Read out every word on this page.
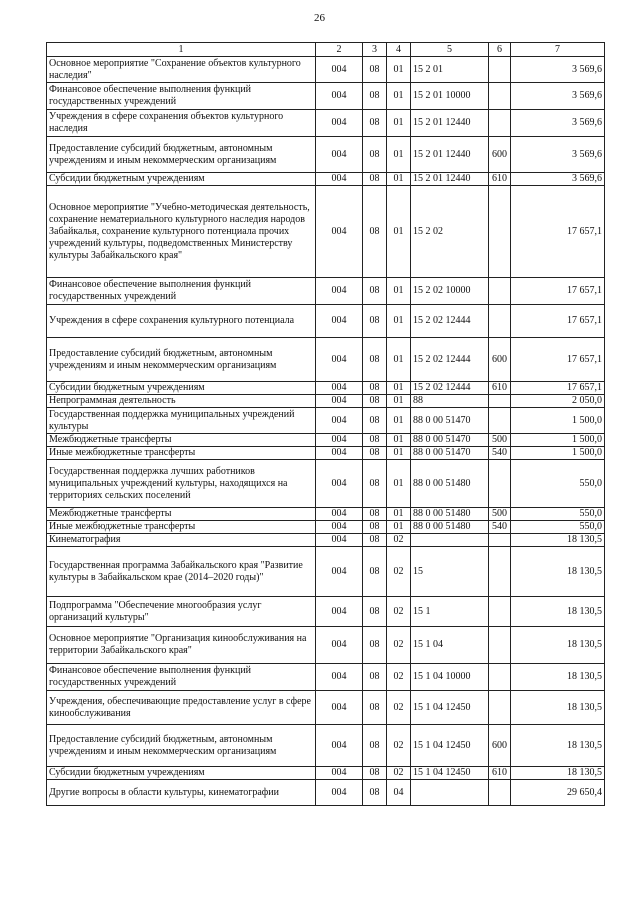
26
1	2	3	4	5	6	7
Основное мероприятие "Сохранение объектов культурного наследия"	004	08	01	15 2 01		3 569,6
Финансовое обеспечение выполнения функций государственных учреждений	004	08	01	15 2 01 10000		3 569,6
Учреждения в сфере сохранения объектов культурного наследия	004	08	01	15 2 01 12440		3 569,6
Предоставление субсидий бюджетным, автономным учреждениям и иным некоммерческим организациям	004	08	01	15 2 01 12440	600	3 569,6
Субсидии бюджетным учреждениям	004	08	01	15 2 01 12440	610	3 569,6
Основное мероприятие "Учебно-методическая деятельность, сохранение нематериального культурного наследия народов Забайкалья, сохранение культурного потенциала прочих учреждений культуры, подведомственных Министерству культуры Забайкальского края"	004	08	01	15 2 02		17 657,1
Финансовое обеспечение выполнения функций государственных учреждений	004	08	01	15 2 02 10000		17 657,1
Учреждения в сфере сохранения культурного потенциала	004	08	01	15 2 02 12444		17 657,1
Предоставление субсидий бюджетным, автономным учреждениям и иным некоммерческим организациям	004	08	01	15 2 02 12444	600	17 657,1
Субсидии бюджетным учреждениям	004	08	01	15 2 02 12444	610	17 657,1
Непрограммная деятельность	004	08	01	88		2 050,0
Государственная поддержка муниципальных учреждений культуры	004	08	01	88 0 00 51470		1 500,0
Межбюджетные трансферты	004	08	01	88 0 00 51470	500	1 500,0
Иные межбюджетные трансферты	004	08	01	88 0 00 51470	540	1 500,0
Государственная поддержка лучших работников муниципальных учреждений культуры, находящихся на территориях сельских поселений	004	08	01	88 0 00 51480		550,0
Межбюджетные трансферты	004	08	01	88 0 00 51480	500	550,0
Иные межбюджетные трансферты	004	08	01	88 0 00 51480	540	550,0
Кинематография	004	08	02			18 130,5
Государственная программа Забайкальского края "Развитие культуры в Забайкальском крае (2014–2020 годы)"	004	08	02	15		18 130,5
Подпрограмма "Обеспечение многообразия услуг организаций культуры"	004	08	02	15 1		18 130,5
Основное мероприятие "Организация кинообслуживания на территории Забайкальского края"	004	08	02	15 1 04		18 130,5
Финансовое обеспечение выполнения функций государственных учреждений	004	08	02	15 1 04 10000		18 130,5
Учреждения, обеспечивающие предоставление услуг в сфере кинообслуживания	004	08	02	15 1 04 12450		18 130,5
Предоставление субсидий бюджетным, автономным учреждениям и иным некоммерческим организациям	004	08	02	15 1 04 12450	600	18 130,5
Субсидии бюджетным учреждениям	004	08	02	15 1 04 12450	610	18 130,5
Другие вопросы в области культуры, кинематографии	004	08	04			29 650,4
